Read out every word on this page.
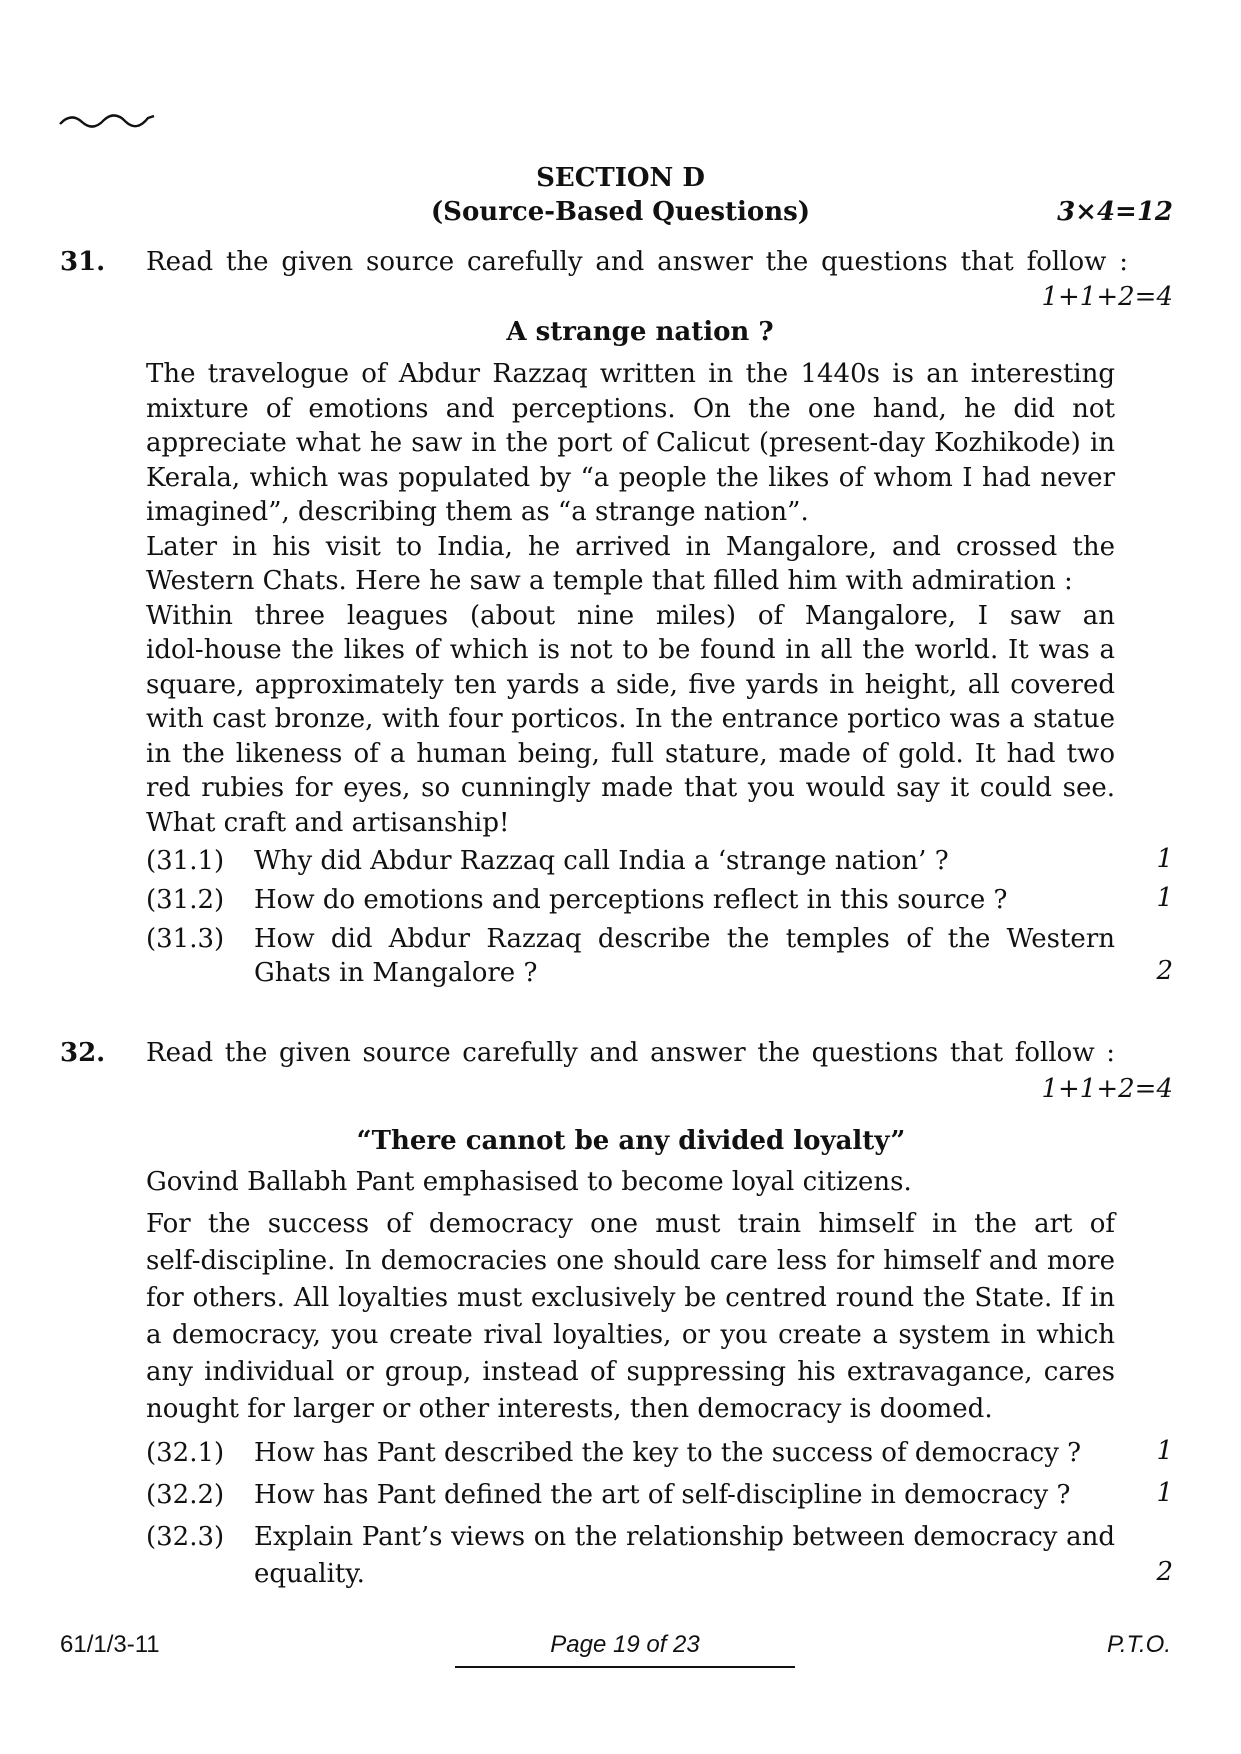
SECTION D
(Source-Based Questions)	3×4=12
31. Read the given source carefully and answer the questions that follow :
1+1+2=4
A strange nation ?
The travelogue of Abdur Razzaq written in the 1440s is an interesting
mixture of emotions and perceptions. On the one hand, he did not
appreciate what he saw in the port of Calicut (present-day Kozhikode) in
Kerala, which was populated by “a people the likes of whom I had never
imagined”, describing them as “a strange nation”.
Later in his visit to India, he arrived in Mangalore, and crossed the
Western Chats. Here he saw a temple that filled him with admiration :
Within three leagues (about nine miles) of Mangalore, I saw an
idol-house the likes of which is not to be found in all the world. It was a
square, approximately ten yards a side, five yards in height, all covered
with cast bronze, with four porticos. In the entrance portico was a statue
in the likeness of a human being, full stature, made of gold. It had two
red rubies for eyes, so cunningly made that you would say it could see.
What craft and artisanship!
(31.1) Why did Abdur Razzaq call India a ‘strange nation’ ?	1
(31.2) How do emotions and perceptions reflect in this source ?	1
(31.3) How did Abdur Razzaq describe the temples of the Western
Ghats in Mangalore ?	2
32. Read the given source carefully and answer the questions that follow :
1+1+2=4
“There cannot be any divided loyalty”
Govind Ballabh Pant emphasised to become loyal citizens.
For the success of democracy one must train himself in the art of
self-discipline. In democracies one should care less for himself and more
for others. All loyalties must exclusively be centred round the State. If in
a democracy, you create rival loyalties, or you create a system in which
any individual or group, instead of suppressing his extravagance, cares
nought for larger or other interests, then democracy is doomed.
(32.1) How has Pant described the key to the success of democracy ?	1
(32.2) How has Pant defined the art of self-discipline in democracy ?	1
(32.3) Explain Pant’s views on the relationship between democracy and
equality.	2
61/1/3-11	Page 19 of 23	P.T.O.
